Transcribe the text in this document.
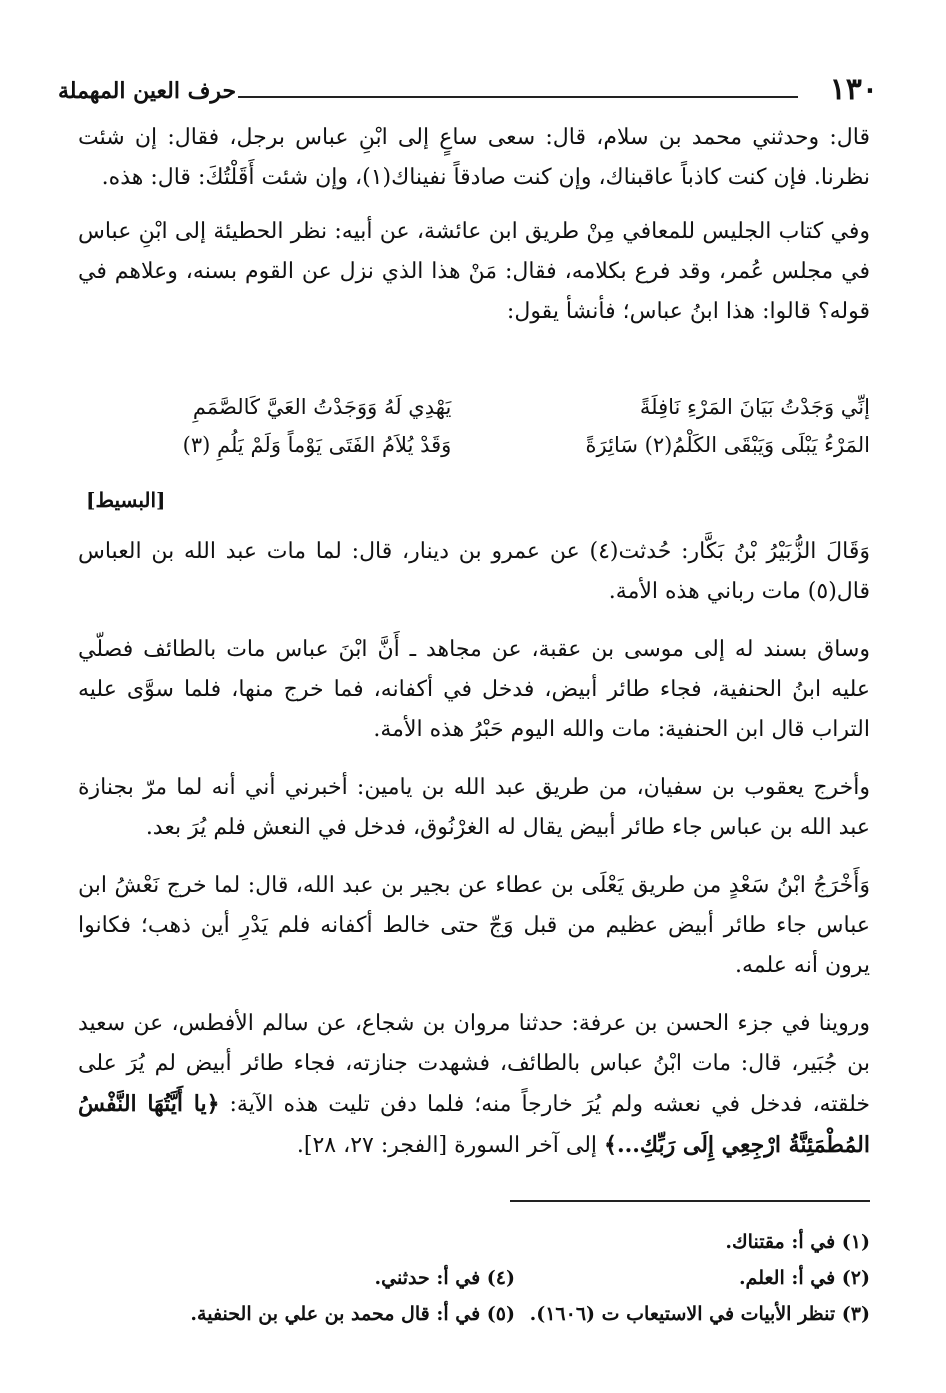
١٣٠
حرف العين المهملة

قال: وحدثني محمد بن سلام، قال: سعى ساعٍ إلى ابْنِ عباس برجل، فقال: إن شئت نظرنا. فإن كنت كاذباً عاقبناك، وإن كنت صادقاً نفيناك(١)، وإن شئت أَقَلْتُكَ: قال: هذه.

وفي كتاب الجليس للمعافي مِنْ طريق ابن عائشة، عن أبيه: نظر الحطيئة إلى ابْنِ عباس في مجلس عُمر، وقد فرع بكلامه، فقال: مَنْ هذا الذي نزل عن القوم بسنه، وعلاهم في قوله؟ قالوا: هذا ابنُ عباس؛ فأنشأ يقول:

إنِّي وَجَدْتُ بَيَانَ المَرْءِ نَافِلَةً
يَهْدِي لَهُ وَوَجَدْتُ العَيَّ كَالصَّمَمِ
المَرْءُ يَبْلَى وَيَبْقَى الكَلْمُ(٢) سَائِرَةً
وَقَدْ يُلاَمُ الفَتَى يَوْماً وَلَمْ يَلُمِ (٣)
[البسيط]

وَقَالَ الزُّبَيْرُ بْنُ بَكَّار: حُدثت(٤) عن عمرو بن دينار، قال: لما مات عبد الله بن العباس قال(٥) مات رباني هذه الأمة.

وساق بسند له إلى موسى بن عقبة، عن مجاهد ـ أَنَّ ابْنَ عباس مات بالطائف فصلّي عليه ابنُ الحنفية، فجاء طائر أبيض، فدخل في أكفانه، فما خرج منها، فلما سوَّى عليه التراب قال ابن الحنفية: مات والله اليوم حَبْرُ هذه الأمة.

وأخرج يعقوب بن سفيان، من طريق عبد الله بن يامين: أخبرني أني أنه لما مرّ بجنازة عبد الله بن عباس جاء طائر أبيض يقال له الغرْنُوق، فدخل في النعش فلم يُرَ بعد.

وَأَخْرَجُ ابْنُ سَعْدٍ من طريق يَعْلَى بن عطاء عن بجير بن عبد الله، قال: لما خرج نَعْشُ ابن عباس جاء طائر أبيض عظيم من قبل وَجّ حتى خالط أكفانه فلم يَدْرِ أين ذهب؛ فكانوا يرون أنه علمه.

وروينا في جزء الحسن بن عرفة: حدثنا مروان بن شجاع، عن سالم الأفطس، عن سعيد بن جُبَير، قال: مات ابْنُ عباس بالطائف، فشهدت جنازته، فجاء طائر أبيض لم يُرَ على خلقته، فدخل في نعشه ولم يُرَ خارجاً منه؛ فلما دفن تليت هذه الآية: ﴿يا أَيَّتُهَا النَّفْسُ المُطْمَئِنَّةُ ارْجِعِي إِلَى رَبِّكِ...﴾ إلى آخر السورة [الفجر: ٢٧، ٢٨].

(١) في أ: مقتناك.
(٢) في أ: العلم.
(٤) في أ: حدثني.
(٣) تنظر الأبيات في الاستيعاب ت (١٦٠٦).
(٥) في أ: قال محمد بن علي بن الحنفية.
